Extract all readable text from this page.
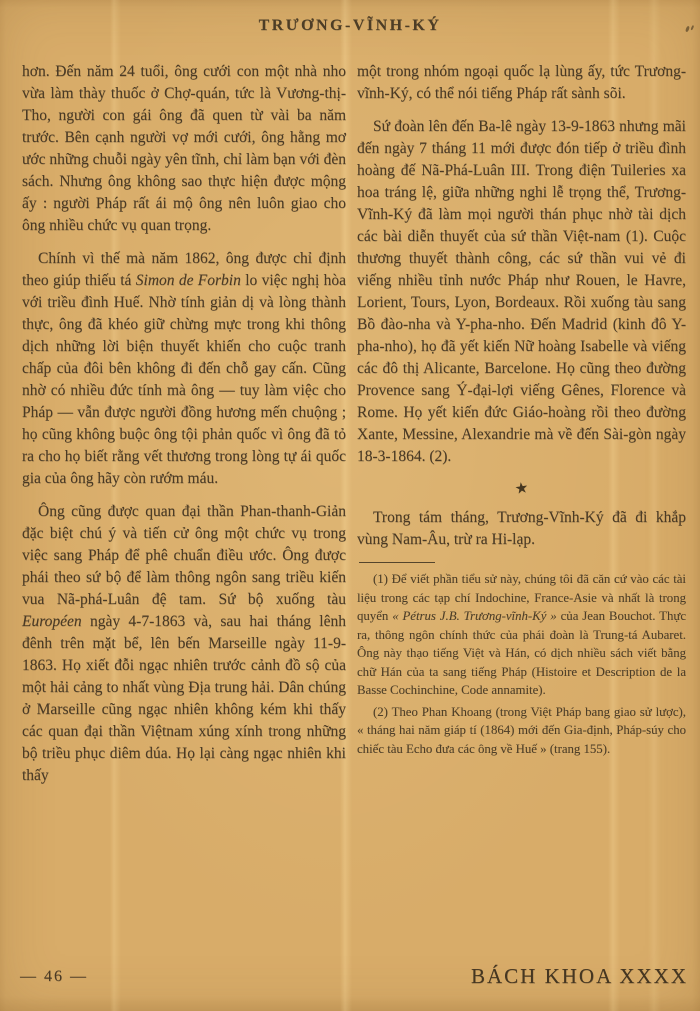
TRƯƠNG-VĨNH-KÝ

hơn. Đến năm 24 tuổi, ông cưới con một nhà nho vừa làm thày thuốc ở Chợ-quán, tức là Vương-thị-Tho, người con gái ông đã quen từ vài ba năm trước. Bên cạnh người vợ mới cưới, ông hằng mơ ước những chuỗi ngày yên tĩnh, chỉ làm bạn với đèn sách. Nhưng ông không sao thực hiện được mộng ấy : người Pháp rất ái mộ ông nên luôn giao cho ông nhiều chức vụ quan trọng.

Chính vì thế mà năm 1862, ông được chỉ định theo giúp thiếu tá Simon de Forbin lo việc nghị hòa với triều đình Huế. Nhờ tính giản dị và lòng thành thực, ông đã khéo giữ chừng mực trong khi thông dịch những lời biện thuyết khiến cho cuộc tranh chấp của đôi bên không đi đến chỗ gay cấn. Cũng nhờ có nhiều đức tính mà ông — tuy làm việc cho Pháp — vẫn được người đồng hương mến chuộng ; họ cũng không buộc ông tội phản quốc vì ông đã tỏ ra cho họ biết rằng vết thương trong lòng tự ái quốc gia của ông hãy còn rướm máu.

Ông cũng được quan đại thần Phan-thanh-Giản đặc biệt chú ý và tiến cử ông một chức vụ trong việc sang Pháp để phê chuẩn điều ước. Ông được phái theo sứ bộ để làm thông ngôn sang triều kiến vua Nã-phá-Luân đệ tam. Sứ bộ xuống tàu Européen ngày 4-7-1863 và, sau hai tháng lênh đênh trên mặt bể, lên bến Marseille ngày 11-9-1863. Họ xiết đỗi ngạc nhiên trước cảnh đồ sộ của một hải cảng to nhất vùng Địa trung hải. Dân chúng ở Marseille cũng ngạc nhiên không kém khi thấy các quan đại thần Việtnam xúng xính trong những bộ triều phục diêm dúa. Họ lại càng ngạc nhiên khi thấy

một trong nhóm ngoại quốc lạ lùng ấy, tức Trương-vĩnh-Ký, có thể nói tiếng Pháp rất sành sõi.

Sứ đoàn lên đến Ba-lê ngày 13-9-1863 nhưng mãi đến ngày 7 tháng 11 mới được đón tiếp ở triều đình hoàng đế Nã-Phá-Luân III. Trong điện Tuileries xa hoa tráng lệ, giữa những nghi lễ trọng thể, Trương-Vĩnh-Ký đã làm mọi người thán phục nhờ tài dịch các bài diễn thuyết của sứ thần Việt-nam (1). Cuộc thương thuyết thành công, các sứ thần vui vẻ đi viếng nhiều tỉnh nước Pháp như Rouen, le Havre, Lorient, Tours, Lyon, Bordeaux. Rồi xuống tàu sang Bồ đào-nha và Y-pha-nho. Đến Madrid (kinh đô Y-pha-nho), họ đã yết kiến Nữ hoàng Isabelle và viếng các đô thị Alicante, Barcelone. Họ cũng theo đường Provence sang Ý-đại-lợi viếng Gênes, Florence và Rome. Họ yết kiến đức Giáo-hoàng rồi theo đường Xante, Messine, Alexandrie mà về đến Sài-gòn ngày 18-3-1864. (2).

★

Trong tám tháng, Trương-Vĩnh-Ký đã đi khắp vùng Nam-Âu, trừ ra Hi-lạp.

(1) Để viết phần tiểu sử này, chúng tôi đã căn cứ vào các tài liệu trong các tạp chí Indochine, France-Asie và nhất là trong quyển « Pétrus J.B. Trương-vĩnh-Ký » của Jean Bouchot. Thực ra, thông ngôn chính thức của phái đoàn là Trung-tá Aubaret. Ông này thạo tiếng Việt và Hán, có dịch nhiều sách viết bằng chữ Hán của ta sang tiếng Pháp (Histoire et Description de la Basse Cochinchine, Code annamite).

(2) Theo Phan Khoang (trong Việt Pháp bang giao sử lược), « tháng hai năm giáp tí (1864) mới đến Gia-định, Pháp-súy cho chiếc tàu Echo đưa các ông về Huế » (trang 155).

— 46 —	BÁCH KHOA XXXX
